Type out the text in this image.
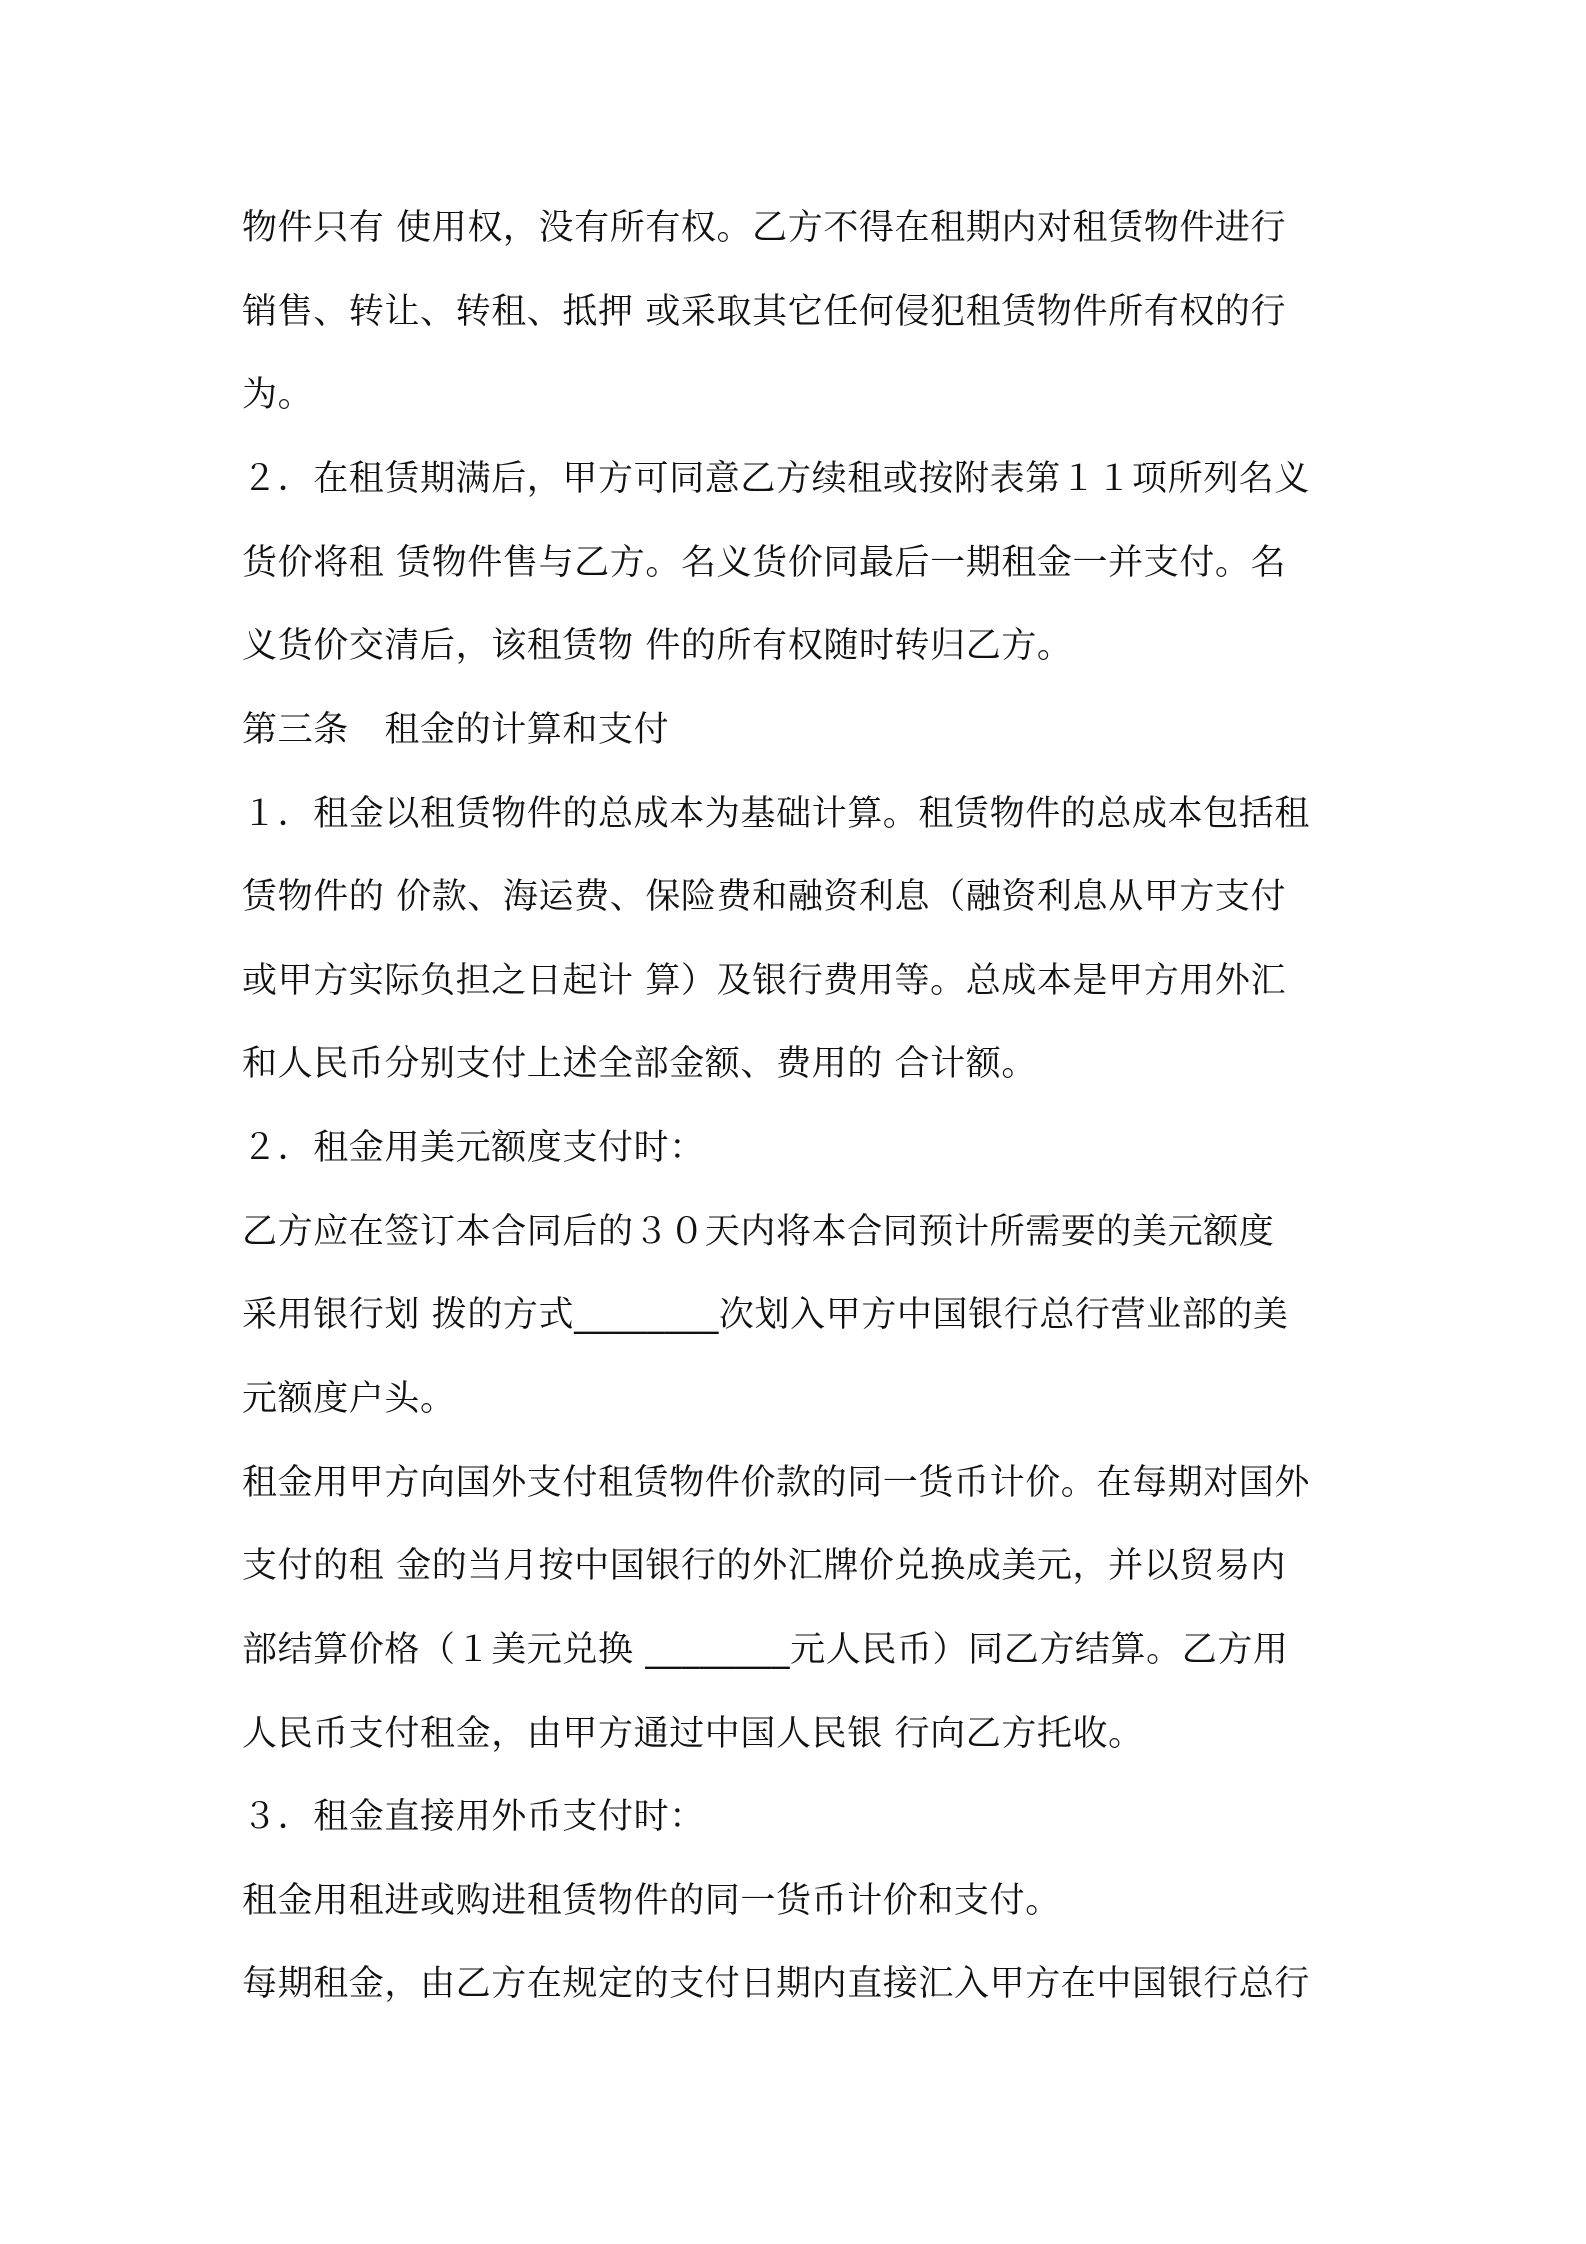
物件只有 使用权，没有所有权。乙方不得在租期内对租赁物件进行
销售、转让、转租、抵押 或采取其它任何侵犯租赁物件所有权的行
为。
２．在租赁期满后，甲方可同意乙方续租或按附表第１１项所列名义
货价将租 赁物件售与乙方。名义货价同最后一期租金一并支付。名
义货价交清后，该租赁物 件的所有权随时转归乙方。
第三条　租金的计算和支付
１．租金以租赁物件的总成本为基础计算。租赁物件的总成本包括租
赁物件的 价款、海运费、保险费和融资利息（融资利息从甲方支付
或甲方实际负担之日起计 算）及银行费用等。总成本是甲方用外汇
和人民币分别支付上述全部金额、费用的 合计额。
２．租金用美元额度支付时：
乙方应在签订本合同后的３０天内将本合同预计所需要的美元额度
采用银行划 拨的方式________次划入甲方中国银行总行营业部的美
元额度户头。
租金用甲方向国外支付租赁物件价款的同一货币计价。在每期对国外
支付的租 金的当月按中国银行的外汇牌价兑换成美元，并以贸易内
部结算价格（１美元兑换 ________元人民币）同乙方结算。乙方用
人民币支付租金，由甲方通过中国人民银 行向乙方托收。
３．租金直接用外币支付时：
租金用租进或购进租赁物件的同一货币计价和支付。
每期租金，由乙方在规定的支付日期内直接汇入甲方在中国银行总行
